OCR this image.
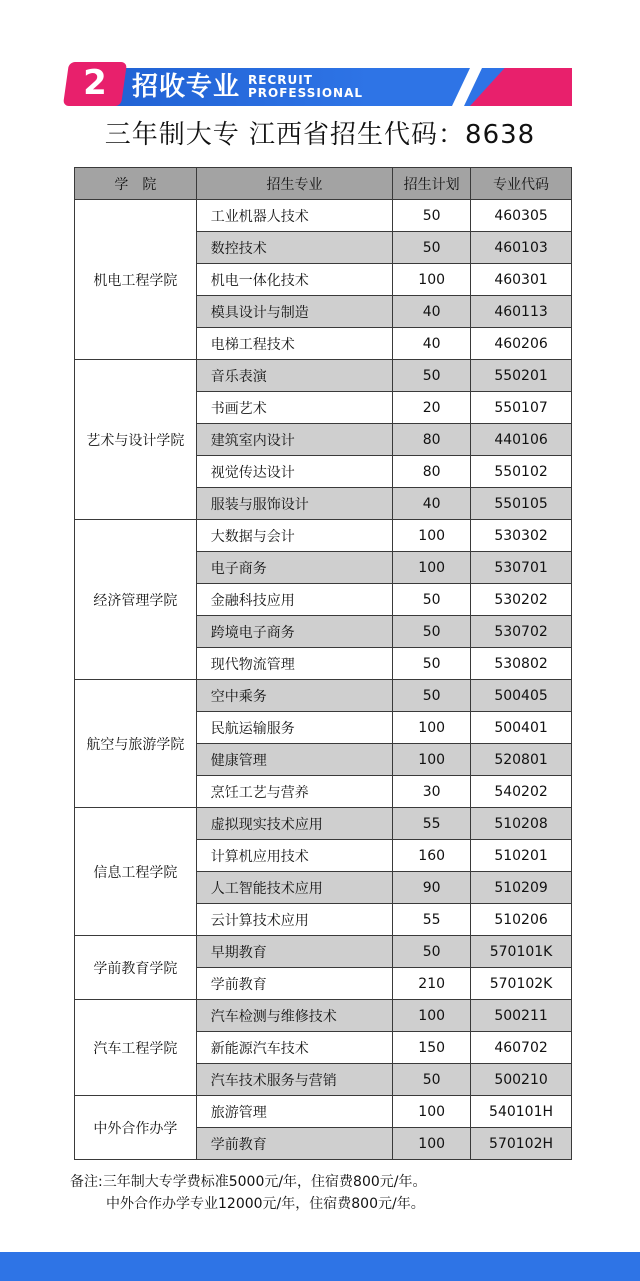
2 招收专业 RECRUIT
PROFESSIONAL
三年制大专 江西省招生代码：8638
学　院	招生专业	招生计划	专业代码
机电工程学院	工业机器人技术	50	460305
	数控技术	50	460103
	机电一体化技术	100	460301
	模具设计与制造	40	460113
	电梯工程技术	40	460206
艺术与设计学院	音乐表演	50	550201
	书画艺术	20	550107
	建筑室内设计	80	440106
	视觉传达设计	80	550102
	服装与服饰设计	40	550105
经济管理学院	大数据与会计	100	530302
	电子商务	100	530701
	金融科技应用	50	530202
	跨境电子商务	50	530702
	现代物流管理	50	530802
航空与旅游学院	空中乘务	50	500405
	民航运输服务	100	500401
	健康管理	100	520801
	烹饪工艺与营养	30	540202
信息工程学院	虚拟现实技术应用	55	510208
	计算机应用技术	160	510201
	人工智能技术应用	90	510209
	云计算技术应用	55	510206
学前教育学院	早期教育	50	570101K
	学前教育	210	570102K
汽车工程学院	汽车检测与维修技术	100	500211
	新能源汽车技术	150	460702
	汽车技术服务与营销	50	500210
中外合作办学	旅游管理	100	540101H
	学前教育	100	570102H
备注:三年制大专学费标准5000元/年，住宿费800元/年。
中外合作办学专业12000元/年，住宿费800元/年。
